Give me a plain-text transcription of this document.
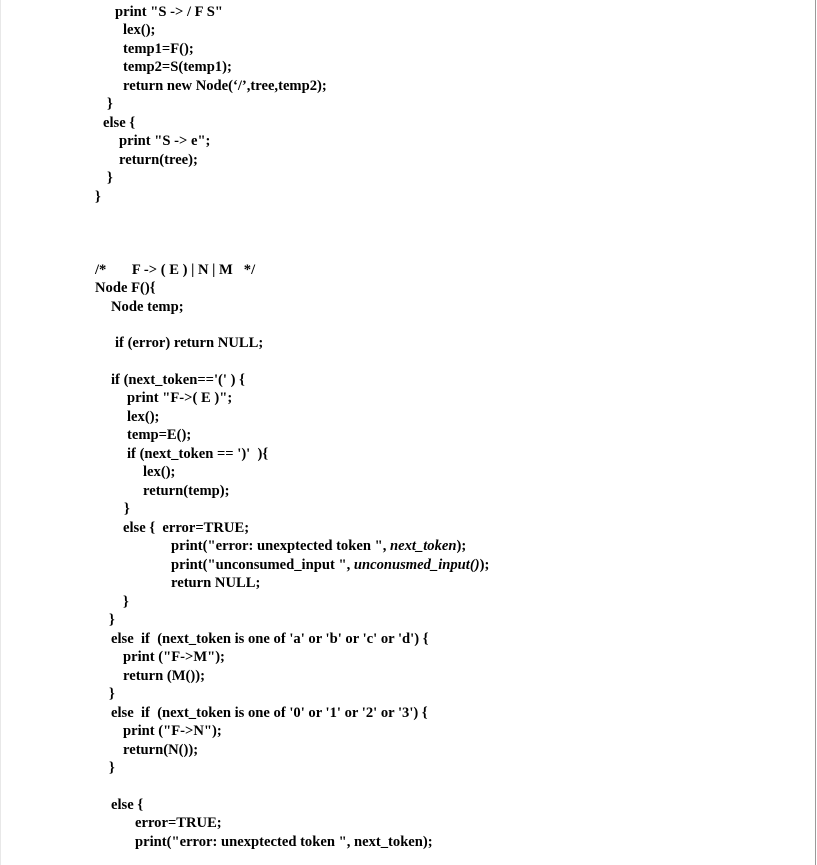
print "S -> / F S"
lex();
temp1=F();
temp2=S(temp1);
return new Node(‘/’,tree,temp2);
}
else {
print "S -> e";
return(tree);
}
}
/*       F -> ( E ) | N | M   */
Node F(){
Node temp;
if (error) return NULL;
if (next_token=='(' ) {
print "F->( E )";
lex();
temp=E();
if (next_token == ')'  ){
lex();
return(temp);
}
else {  error=TRUE;
print("error: unexptected token ", next_token);
print("unconsumed_input ", unconusmed_input());
return NULL;
}
}
else  if  (next_token is one of 'a' or 'b' or 'c' or 'd') {
print ("F->M");
return (M());
}
else  if  (next_token is one of '0' or '1' or '2' or '3') {
print ("F->N");
return(N());
}
else {
error=TRUE;
print("error: unexptected token ", next_token);
